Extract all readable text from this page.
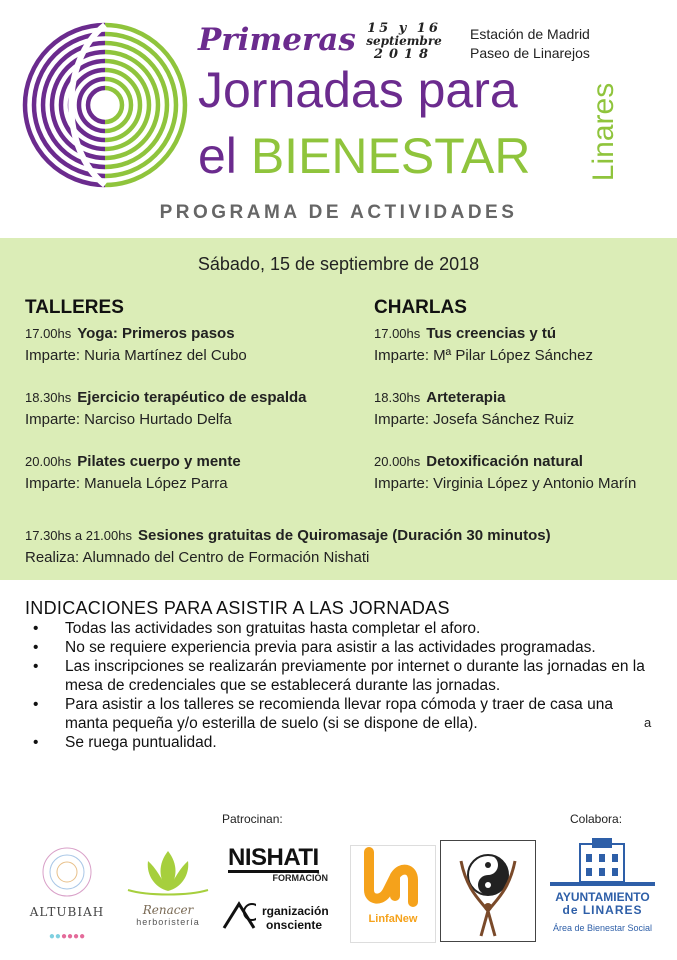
Primeras 15 y 16
septiembre
2018
Estación de Madrid
Paseo de Linarejos
Jornadas para
el BIENESTAR Linares
PROGRAMA DE ACTIVIDADES
Sábado, 15 de septiembre de 2018
TALLERES
17.00hs Yoga: Primeros pasos
Imparte: Nuria Martínez del Cubo
18.30hs Ejercicio terapéutico de espalda
Imparte: Narciso Hurtado Delfa
20.00hs Pilates cuerpo y mente
Imparte: Manuela López Parra
CHARLAS
17.00hs Tus creencias y tú
Imparte: Mª Pilar López Sánchez
18.30hs Arteterapia
Imparte: Josefa Sánchez Ruiz
20.00hs Detoxificación natural
Imparte: Virginia López y Antonio Marín
17.30hs a 21.00hs Sesiones gratuitas de Quiromasaje (Duración 30 minutos)
Realiza: Alumnado del Centro de Formación Nishati
INDICACIONES PARA ASISTIR A LAS JORNADAS
• Todas las actividades son gratuitas hasta completar el aforo.
• No se requiere experiencia previa para asistir a las actividades programadas.
• Las inscripciones se realizarán previamente por internet o durante las jornadas en la mesa de credenciales que se establecerá durante las jornadas.
• Para asistir a los talleres se recomienda llevar ropa cómoda y traer de casa una manta pequeña y/o esterilla de suelo (si se dispone de ella).
• Se ruega puntualidad.
a
Patrocinan:	Colabora:
ALTUBIAH
●●●●●●
Renacer
herboristería
NISHATI
FORMACIÓN
rganización
onsciente	LinfaNew
AYUNTAMIENTO
de LINARES
Área de Bienestar Social
